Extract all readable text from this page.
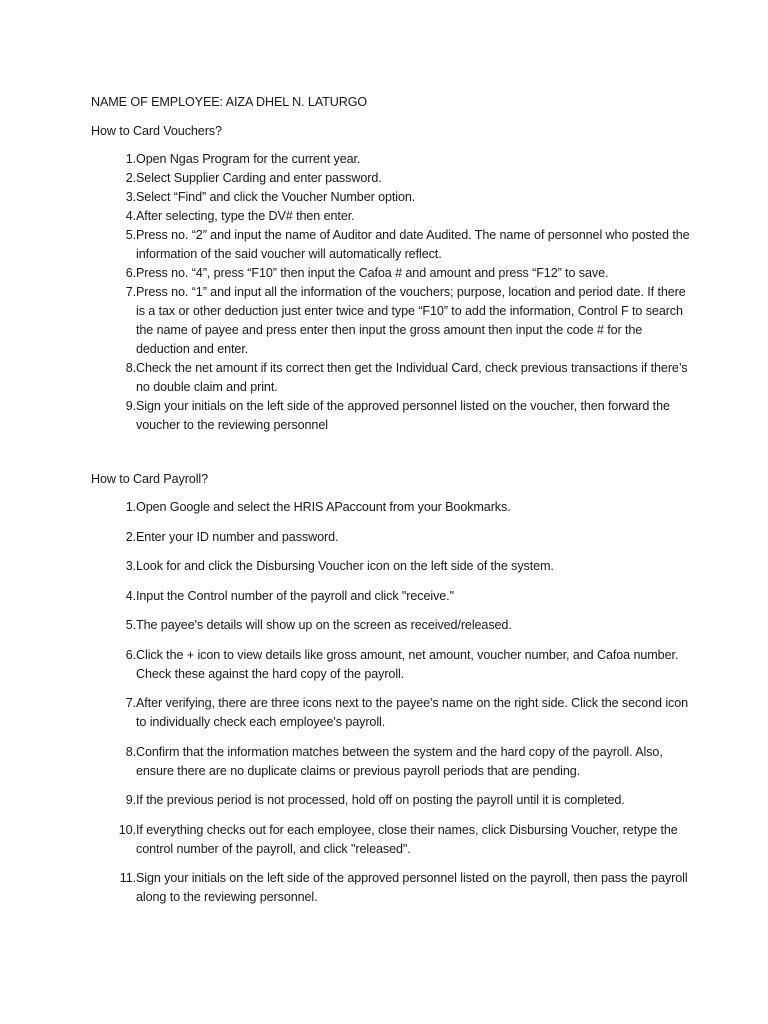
NAME OF EMPLOYEE: AIZA DHEL N. LATURGO

How to Card Vouchers?

1. Open Ngas Program for the current year.
2. Select Supplier Carding and enter password.
3. Select “Find” and click the Voucher Number option.
4. After selecting, type the DV# then enter.
5. Press no. “2” and input the name of Auditor and date Audited. The name of personnel who posted the information of the said voucher will automatically reflect.
6. Press no. “4”, press “F10” then input the Cafoa # and amount and press “F12” to save.
7. Press no. “1” and input all the information of the vouchers; purpose, location and period date. If there is a tax or other deduction just enter twice and type “F10” to add the information, Control F to search the name of payee and press enter then input the gross amount then input the code # for the deduction and enter.
8. Check the net amount if its correct then get the Individual Card, check previous transactions if there’s no double claim and print.
9. Sign your initials on the left side of the approved personnel listed on the voucher, then forward the voucher to the reviewing personnel

How to Card Payroll?

1. Open Google and select the HRIS APaccount from your Bookmarks.
2. Enter your ID number and password.
3. Look for and click the Disbursing Voucher icon on the left side of the system.
4. Input the Control number of the payroll and click "receive."
5. The payee's details will show up on the screen as received/released.
6. Click the + icon to view details like gross amount, net amount, voucher number, and Cafoa number. Check these against the hard copy of the payroll.
7. After verifying, there are three icons next to the payee's name on the right side. Click the second icon to individually check each employee's payroll.
8. Confirm that the information matches between the system and the hard copy of the payroll. Also, ensure there are no duplicate claims or previous payroll periods that are pending.
9. If the previous period is not processed, hold off on posting the payroll until it is completed.
10. If everything checks out for each employee, close their names, click Disbursing Voucher, retype the control number of the payroll, and click "released".
11. Sign your initials on the left side of the approved personnel listed on the payroll, then pass the payroll along to the reviewing personnel.
